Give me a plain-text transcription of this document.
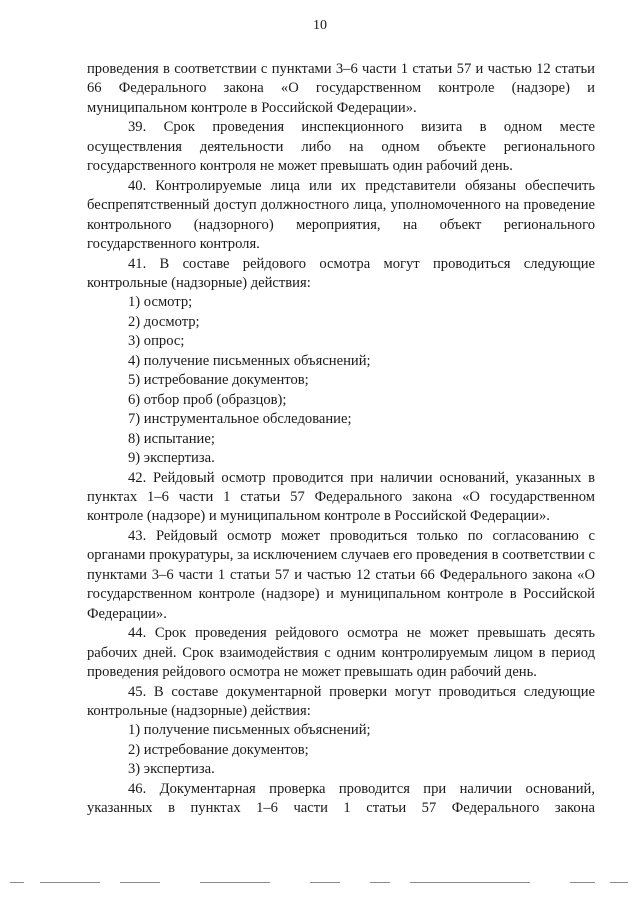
10

проведения в соответствии с пунктами 3–6 части 1 статьи 57 и частью 12 статьи 66 Федерального закона «О государственном контроле (надзоре) и муниципальном контроле в Российской Федерации».

39. Срок проведения инспекционного визита в одном месте осуществления деятельности либо на одном объекте регионального государственного контроля не может превышать один рабочий день.

40. Контролируемые лица или их представители обязаны обеспечить беспрепятственный доступ должностного лица, уполномоченного на проведение контрольного (надзорного) мероприятия, на объект регионального государственного контроля.

41. В составе рейдового осмотра могут проводиться следующие контрольные (надзорные) действия:

1) осмотр;

2) досмотр;

3) опрос;

4) получение письменных объяснений;

5) истребование документов;

6) отбор проб (образцов);

7) инструментальное обследование;

8) испытание;

9) экспертиза.

42. Рейдовый осмотр проводится при наличии оснований, указанных в пунктах 1–6 части 1 статьи 57 Федерального закона «О государственном контроле (надзоре) и муниципальном контроле в Российской Федерации».

43. Рейдовый осмотр может проводиться только по согласованию с органами прокуратуры, за исключением случаев его проведения в соответствии с пунктами 3–6 части 1 статьи 57 и частью 12 статьи 66 Федерального закона «О государственном контроле (надзоре) и муниципальном контроле в Российской Федерации».

44. Срок проведения рейдового осмотра не может превышать десять рабочих дней. Срок взаимодействия с одним контролируемым лицом в период проведения рейдового осмотра не может превышать один рабочий день.

45. В составе документарной проверки могут проводиться следующие контрольные (надзорные) действия:

1) получение письменных объяснений;

2) истребование документов;

3) экспертиза.

46. Документарная проверка проводится при наличии оснований, указанных в пунктах 1–6 части 1 статьи 57 Федерального закона
